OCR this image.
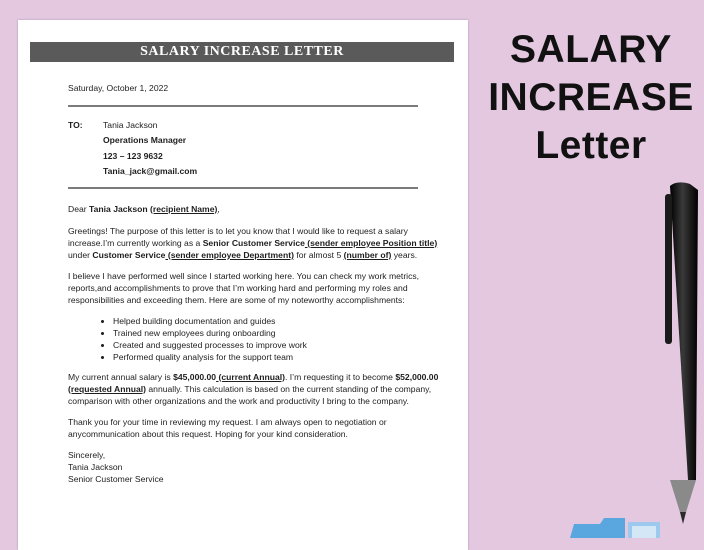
SALARY INCREASE LETTER

Saturday, October 1, 2022

TO:	Tania Jackson
Operations Manager
123 – 123 9632
Tania_jack@gmail.com

Dear Tania Jackson (recipient Name),

Greetings! The purpose of this letter is to let you know that I would like to request a salary increase.I’m currently working as a Senior Customer Service (sender employee Position title) under Customer Service (sender employee Department) for almost 5 (number of) years.

I believe I have performed well since I started working here. You can check my work metrics, reports,and accomplishments to prove that I’m working hard and performing my roles and responsibilities and exceeding them. Here are some of my noteworthy accomplishments:

• Helped building documentation and guides
• Trained new employees during onboarding
• Created and suggested processes to improve work
• Performed quality analysis for the support team

My current annual salary is $45,000.00 (current Annual). I’m requesting it to become $52,000.00 (requested Annual) annually. This calculation is based on the current standing of the company, comparison with other organizations and the work and productivity I bring to the company.

Thank you for your time in reviewing my request. I am always open to negotiation or anycommunication about this request. Hoping for your kind consideration.

Sincerely,
Tania Jackson
Senior Customer Service
SALARY
INCREASE
Letter
